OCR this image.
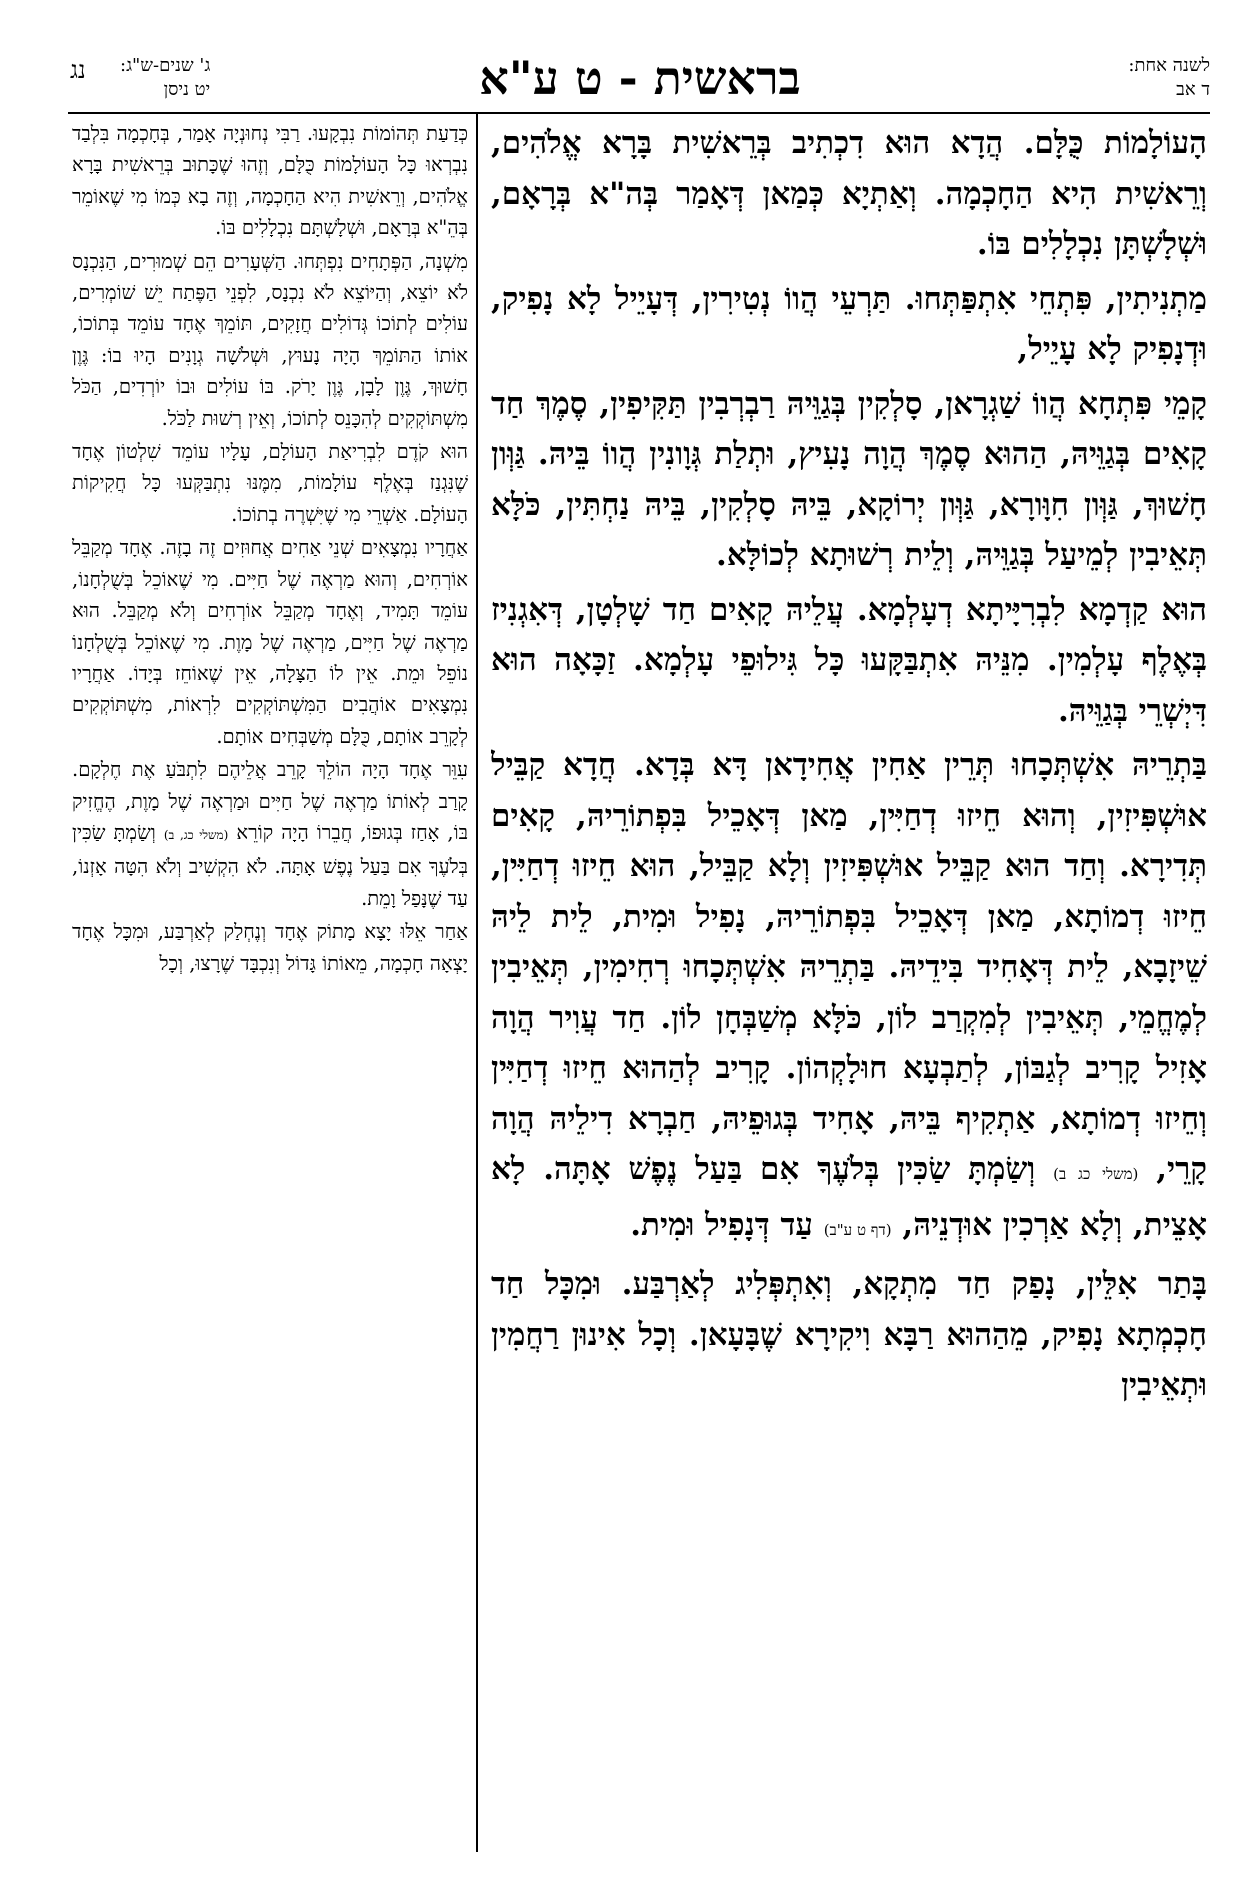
לשנה אחת:
ד אב
בראשית - ט ע"א
ג' שנים-ש"ג:
יט ניסן
נג

הָעוֹלָמוֹת כֻּלָּם. הֲדָא הוּא דִכְתִיב בְּרֵאשִׁית בָּרָא אֱלֹהִים, וְרֵאשִׁית הִיא הַחָכְמָה. וְאַתְיָא כְּמַאן דְּאָמַר בְּה"א בְּרָאָם, וּשְׁלָשְׁתָּן נִכְלָלִים בּוֹ.

מַתְנִיתִין, פִּתְחֵי אִתְפַּתְּחוּ. תַּרְעֵי הֲווֹ נְטִירִין, דְּעָיֵיל לָא נָפִיק, וּדְנָפִיק לָא עָיֵיל,

קָמֵי פִּתְחָא הֲווֹ שַׁגְרָאן, סָלְקִין בְּגַוֵּיהּ רַבְרְבִין תַּקִּיפִין, סֶמֶךְ חַד קָאִים בְּגַוֵּיהּ, הַהוּא סֶמֶךְ הֲוָה נָעִיץ, וּתְלַת גְּוָונִין הֲווֹ בֵּיהּ. גַּוְּון חָשׁוּךְ, גַּוְּון חִוָּורָא, גַּוְּון יְרוֹקָא, בֵּיהּ סָלְקִין, בֵּיהּ נַחְתִּין, כֹּלָּא תְּאֵיבִין לְמֵיעַל בְּגַוֵּיהּ, וְלֵית רְשׁוּתָא לְכוֹלָּא.

הוּא קַדְמָא לִבְרִיָּיתָא דְעָלְמָא. עֲלֵיהּ קָאִים חַד שָׁלְטָן, דְּאִגְנִיז בְּאֶלֶף עָלְמִין. מִנֵּיהּ אִתְבַּקָּעוּ כָּל גִּילוּפֵי עָלְמָא. זַכָּאָה הוּא דִּיְשְׁרֵי בְּגַוֵּיהּ.

בַּתְרֵיהּ אִשְׁתְּכָחוּ תְּרֵין אַחִין אֲחִידָאן דָּא בְּדָא. חֲדָא קַבֵּיל אוּשְׁפִּיזִין, וְהוּא חֵיזוּ דְחַיִּין, מַאן דְּאָכֵיל בִּפְתוֹרֵיהּ, קָאִים תְּדִירָא. וְחַד הוּא קַבֵּיל אוּשְׁפִּיזִין וְלָא קַבֵּיל, הוּא חֵיזוּ דְחַיִּין, חֵיזוּ דְמוֹתָא, מַאן דְּאָכֵיל בִּפְתוֹרֵיהּ, נָפִיל וּמִית, לֵית לֵיהּ שֵׁיזָבָא, לֵית דְּאָחִיד בִּידֵיהּ. בַּתְרֵיהּ אִשְׁתְּכָחוּ רְחִימִין, תְּאֵיבִין לְמֶחֱמֵי, תְּאֵיבִין לְמִקְרַב לוֹן, כֹּלָּא מְשַׁבְּחָן לוֹן. חַד עֲוִיר הֲוָה אָזִיל קָרִיב לְגַבּוֹן, לְתַבְעָא חוּלָקְהוֹן. קָרִיב לְהַהוּא חֵיזוּ דְחַיִּין וְחֵיזוּ דְמוֹתָא, אַתְקִיף בֵּיהּ, אָחִיד בְּגוּפֵיהּ, חַבְרָא דִילֵיהּ הֲוָה קָרֵי, (משלי כג ב) וְשַׂמְתָּ שַׂכִּין בְּלֹעֶךָ אִם בַּעַל נֶפֶשׁ אָתָּה. לָא אָצֵית, וְלָא אַרְכִין אוּדְנֵיהּ, (דף ט ע"ב) עַד דְּנָפִיל וּמִית.

בָּתַר אִלֵּין, נָפַק חַד מִתְקָא, וְאִתְפְּלִיג לְאַרְבַּע. וּמִכָּל חַד חָכְמְתָא נָפִיק, מֵהַהוּא רַבָּא וִיקִירָא שֶׁבָּעָאן. וְכָל אִינוּן רַחֲמִין וּתְאֵיבִין

כְּדַעַת תְּהוֹמוֹת נִבְקָעוּ. רַבִּי נְחוּנְיָה אָמַר, בְּחָכְמָה בִּלְבַד נִבְרְאוּ כָּל הָעוֹלָמוֹת כֻּלָּם, וְזֶהוּ שֶׁכָּתוּב בְּרֵאשִׁית בָּרָא אֱלֹהִים, וְרֵאשִׁית הִיא הַחָכְמָה, וְזֶה בָא כְּמוֹ מִי שֶׁאוֹמֵר בְּהֵ"א בְּרָאָם, וּשְׁלָשְׁתָּם נִכְלָלִים בּוֹ.

מִשְׁנָה, הַפְּתָחִים נִפְתְּחוּ. הַשְּׁעָרִים הֵם שְׁמוּרִים, הַנִּכְנָס לֹא יוֹצֵא, וְהַיּוֹצֵא לֹא נִכְנָס, לִפְנֵי הַפֶּתַח יֵשׁ שׁוֹמְרִים, עוֹלִים לְתוֹכוֹ גְּדוֹלִים חֲזָקִים, תּוֹמֵךְ אֶחָד עוֹמֵד בְּתוֹכוֹ, אוֹתוֹ הַתּוֹמֵךְ הָיָה נָעוּץ, וּשְׁלֹשָׁה גְוָנִים הָיוּ בוֹ: גֶּוֶן חָשׁוּךְ, גֶּוֶן לָבָן, גֶּוֶן יָרֹק. בּוֹ עוֹלִים וּבוֹ יוֹרְדִים, הַכֹּל מִשְׁתּוֹקְקִים לְהִכָּנֵס לְתוֹכוֹ, וְאֵין רְשׁוּת לַכֹּל.

הוּא קֹדֶם לִבְרִיאַת הָעוֹלָם, עָלָיו עוֹמֵד שִׁלְטוֹן אֶחָד שֶׁנִּגְנַז בְּאֶלֶף עוֹלָמוֹת, מִמֶּנּוּ נִתְבַּקְּעוּ כָּל חֲקִיקוֹת הָעוֹלָם. אַשְׁרֵי מִי שֶׁיִּשְׁרֶה בְתוֹכוֹ.

אַחֲרָיו נִמְצָאִים שְׁנֵי אַחִים אֲחוּזִים זֶה בָזֶה. אֶחָד מְקַבֵּל אוֹרְחִים, וְהוּא מַרְאֶה שֶׁל חַיִּים. מִי שֶׁאוֹכֵל בְּשֻׁלְחָנוֹ, עוֹמֵד תָּמִיד, וְאֶחָד מְקַבֵּל אוֹרְחִים וְלֹא מְקַבֵּל. הוּא מַרְאֶה שֶׁל חַיִּים, מַרְאֶה שֶׁל מָוֶת. מִי שֶׁאוֹכֵל בְּשֻׁלְחָנוֹ נוֹפֵל וּמֵת. אֵין לוֹ הַצָּלָה, אֵין שֶׁאוֹחֵז בְּיָדוֹ. אַחֲרָיו נִמְצָאִים אוֹהֲבִים הַמִּשְׁתּוֹקְקִים לִרְאוֹת, מִשְׁתּוֹקְקִים לְקָרֵב אוֹתָם, כֻּלָּם מְשַׁבְּחִים אוֹתָם.

עִוֵּר אֶחָד הָיָה הוֹלֵךְ קָרֵב אֲלֵיהֶם לִתְבֹּעַ אֶת חֶלְקָם. קָרַב לְאוֹתוֹ מַרְאֶה שֶׁל חַיִּים וּמַרְאֶה שֶׁל מָוֶת, הֶחֱזִיק בּוֹ, אָחַז בְּגוּפוֹ, חֲבֵרוֹ הָיָה קוֹרֵא (משלי כג, ב) וְשַׂמְתָּ שַׂכִּין בְּלֹעֶךָ אִם בַּעַל נֶפֶשׁ אָתָּה. לֹא הִקְשִׁיב וְלֹא הִטָּה אָזְנוֹ, עַד שֶׁנָּפַל וָמֵת.

אַחַר אֵלּוּ יָצָא מָתוֹק אֶחָד וְנֶחְלַק לְאַרְבַּע, וּמִכָּל אֶחָד יָצְאָה חָכְמָה, מֵאוֹתוֹ גָּדוֹל וְנִכְבָּד שֶׁרָצוּ, וְכָל
